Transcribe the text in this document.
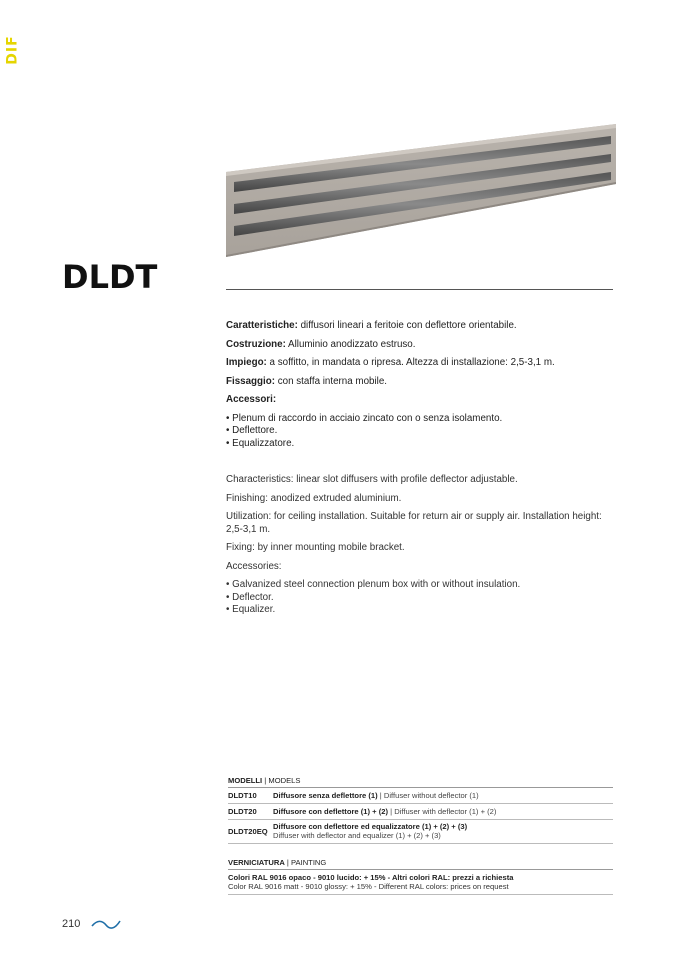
DIF
DLDT

Caratteristiche: diffusori lineari a feritoie con deflettore orientabile.

Costruzione: Alluminio anodizzato estruso.

Impiego: a soffitto, in mandata o ripresa. Altezza di installazione: 2,5-3,1 m.

Fissaggio: con staffa interna mobile.

Accessori:

• Plenum di raccordo in acciaio zincato con o senza isolamento.
• Deflettore.
• Equalizzatore.

Characteristics: linear slot diffusers with profile deflector adjustable.

Finishing: anodized extruded aluminium.

Utilization: for ceiling installation. Suitable for return air or supply air. Installation height: 2,5-3,1 m.

Fixing: by inner mounting mobile bracket.

Accessories:

• Galvanized steel connection plenum box with or without insulation.
• Deflector.
• Equalizer.

MODELLI | MODELS
DLDT10	Diffusore senza deflettore (1) | Diffuser without deflector (1)
DLDT20	Diffusore con deflettore (1) + (2) | Diffuser with deflector (1) + (2)
DLDT20EQ	Diffusore con deflettore ed equalizzatore (1) + (2) + (3)
Diffuser with deflector and equalizer (1) + (2) + (3)
VERNICIATURA | PAINTING
Colori RAL 9016 opaco - 9010 lucido: + 15% - Altri colori RAL: prezzi a richiesta
Color RAL 9016 matt - 9010 glossy: + 15% - Different RAL colors: prices on request
210
